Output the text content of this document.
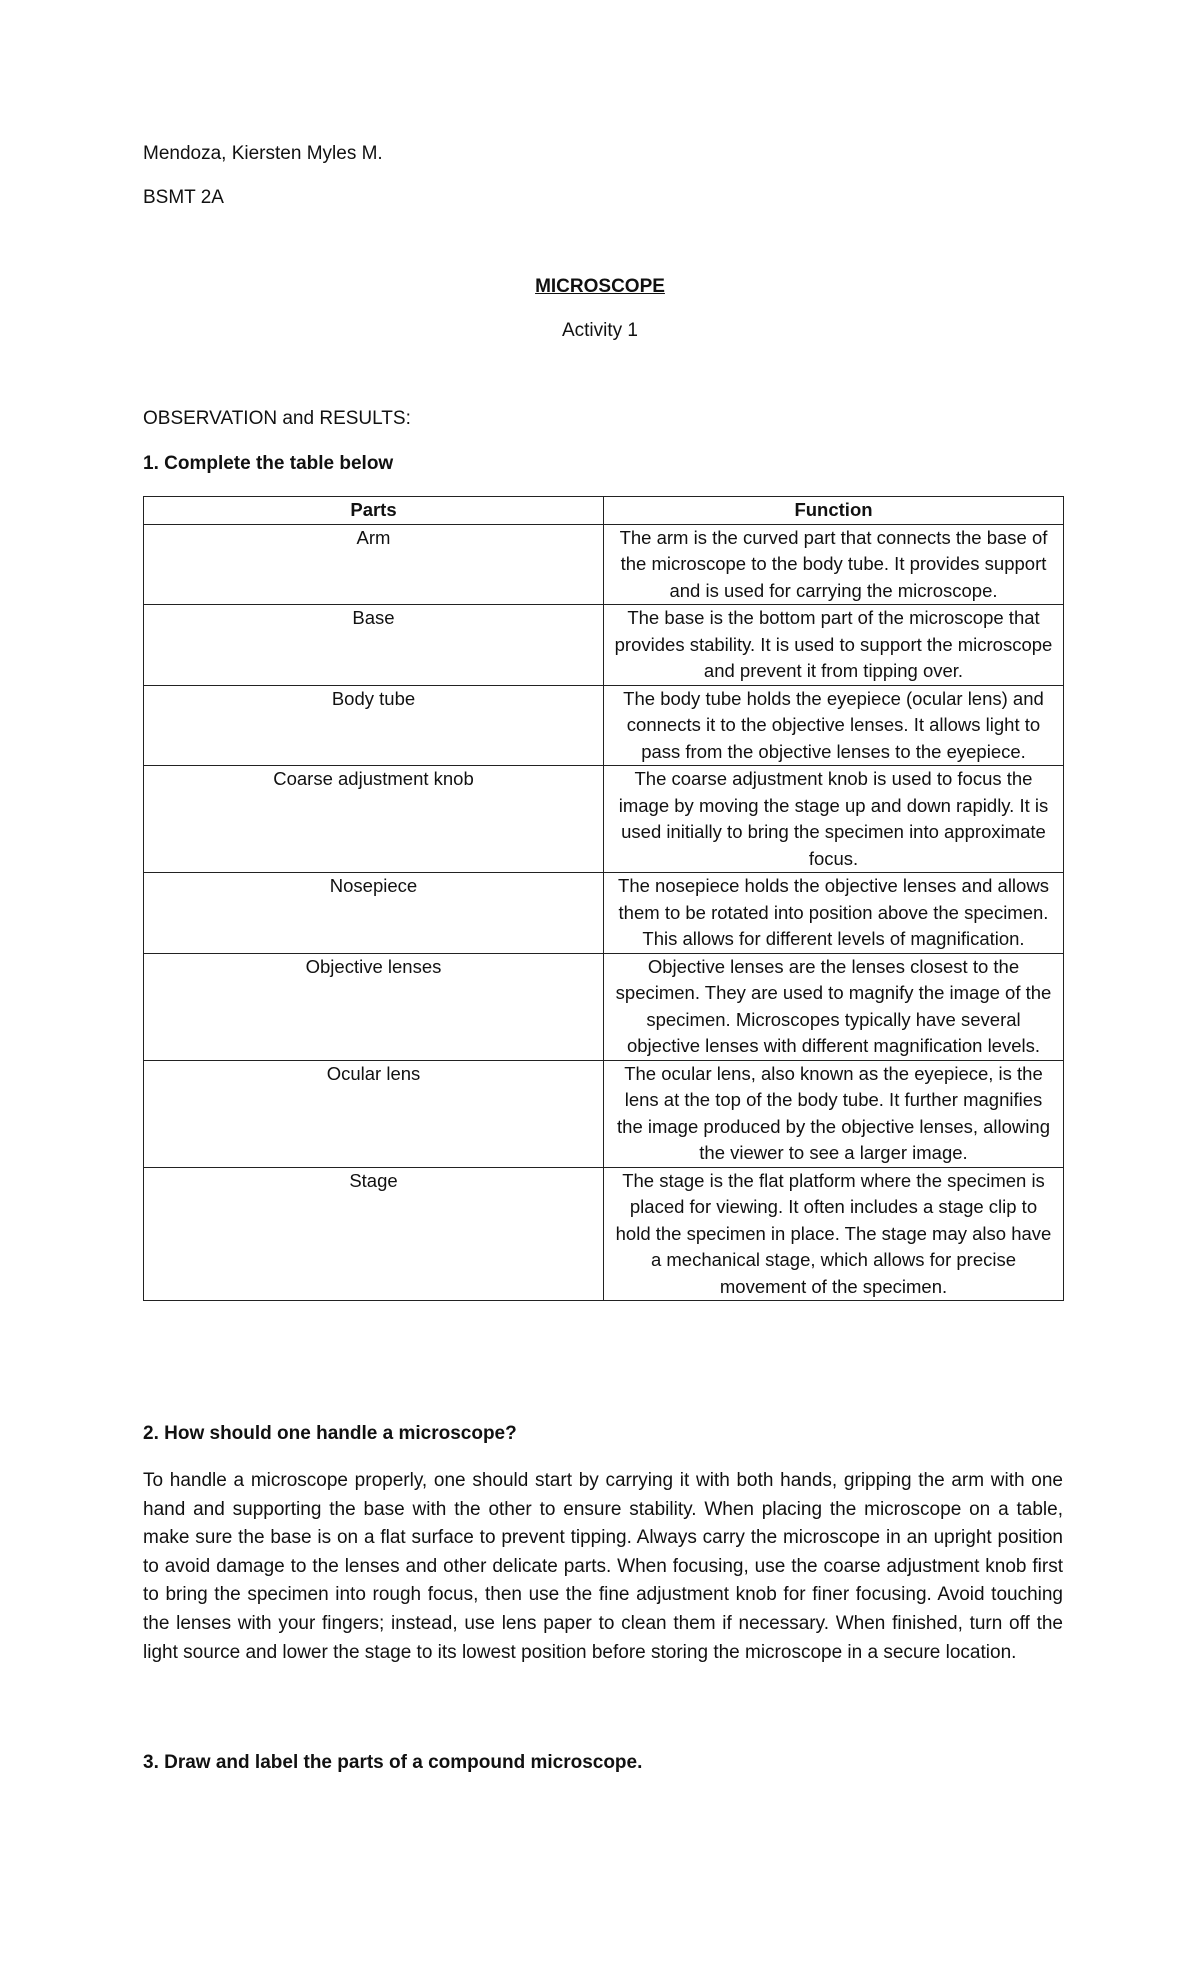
Mendoza, Kiersten Myles M.
BSMT 2A
MICROSCOPE
Activity 1
OBSERVATION and RESULTS:
1. Complete the table below
Parts	Function
Arm	The arm is the curved part that connects the base of the microscope to the body tube. It provides support and is used for carrying the microscope.
Base	The base is the bottom part of the microscope that provides stability. It is used to support the microscope and prevent it from tipping over.
Body tube	The body tube holds the eyepiece (ocular lens) and connects it to the objective lenses. It allows light to pass from the objective lenses to the eyepiece.
Coarse adjustment knob	The coarse adjustment knob is used to focus the image by moving the stage up and down rapidly. It is used initially to bring the specimen into approximate focus.
Nosepiece	The nosepiece holds the objective lenses and allows them to be rotated into position above the specimen. This allows for different levels of magnification.
Objective lenses	Objective lenses are the lenses closest to the specimen. They are used to magnify the image of the specimen. Microscopes typically have several objective lenses with different magnification levels.
Ocular lens	The ocular lens, also known as the eyepiece, is the lens at the top of the body tube. It further magnifies the image produced by the objective lenses, allowing the viewer to see a larger image.
Stage	The stage is the flat platform where the specimen is placed for viewing. It often includes a stage clip to hold the specimen in place. The stage may also have a mechanical stage, which allows for precise movement of the specimen.
2. How should one handle a microscope?
To handle a microscope properly, one should start by carrying it with both hands, gripping the arm with one hand and supporting the base with the other to ensure stability. When placing the microscope on a table, make sure the base is on a flat surface to prevent tipping. Always carry the microscope in an upright position to avoid damage to the lenses and other delicate parts. When focusing, use the coarse adjustment knob first to bring the specimen into rough focus, then use the fine adjustment knob for finer focusing. Avoid touching the lenses with your fingers; instead, use lens paper to clean them if necessary. When finished, turn off the light source and lower the stage to its lowest position before storing the microscope in a secure location.
3. Draw and label the parts of a compound microscope.
